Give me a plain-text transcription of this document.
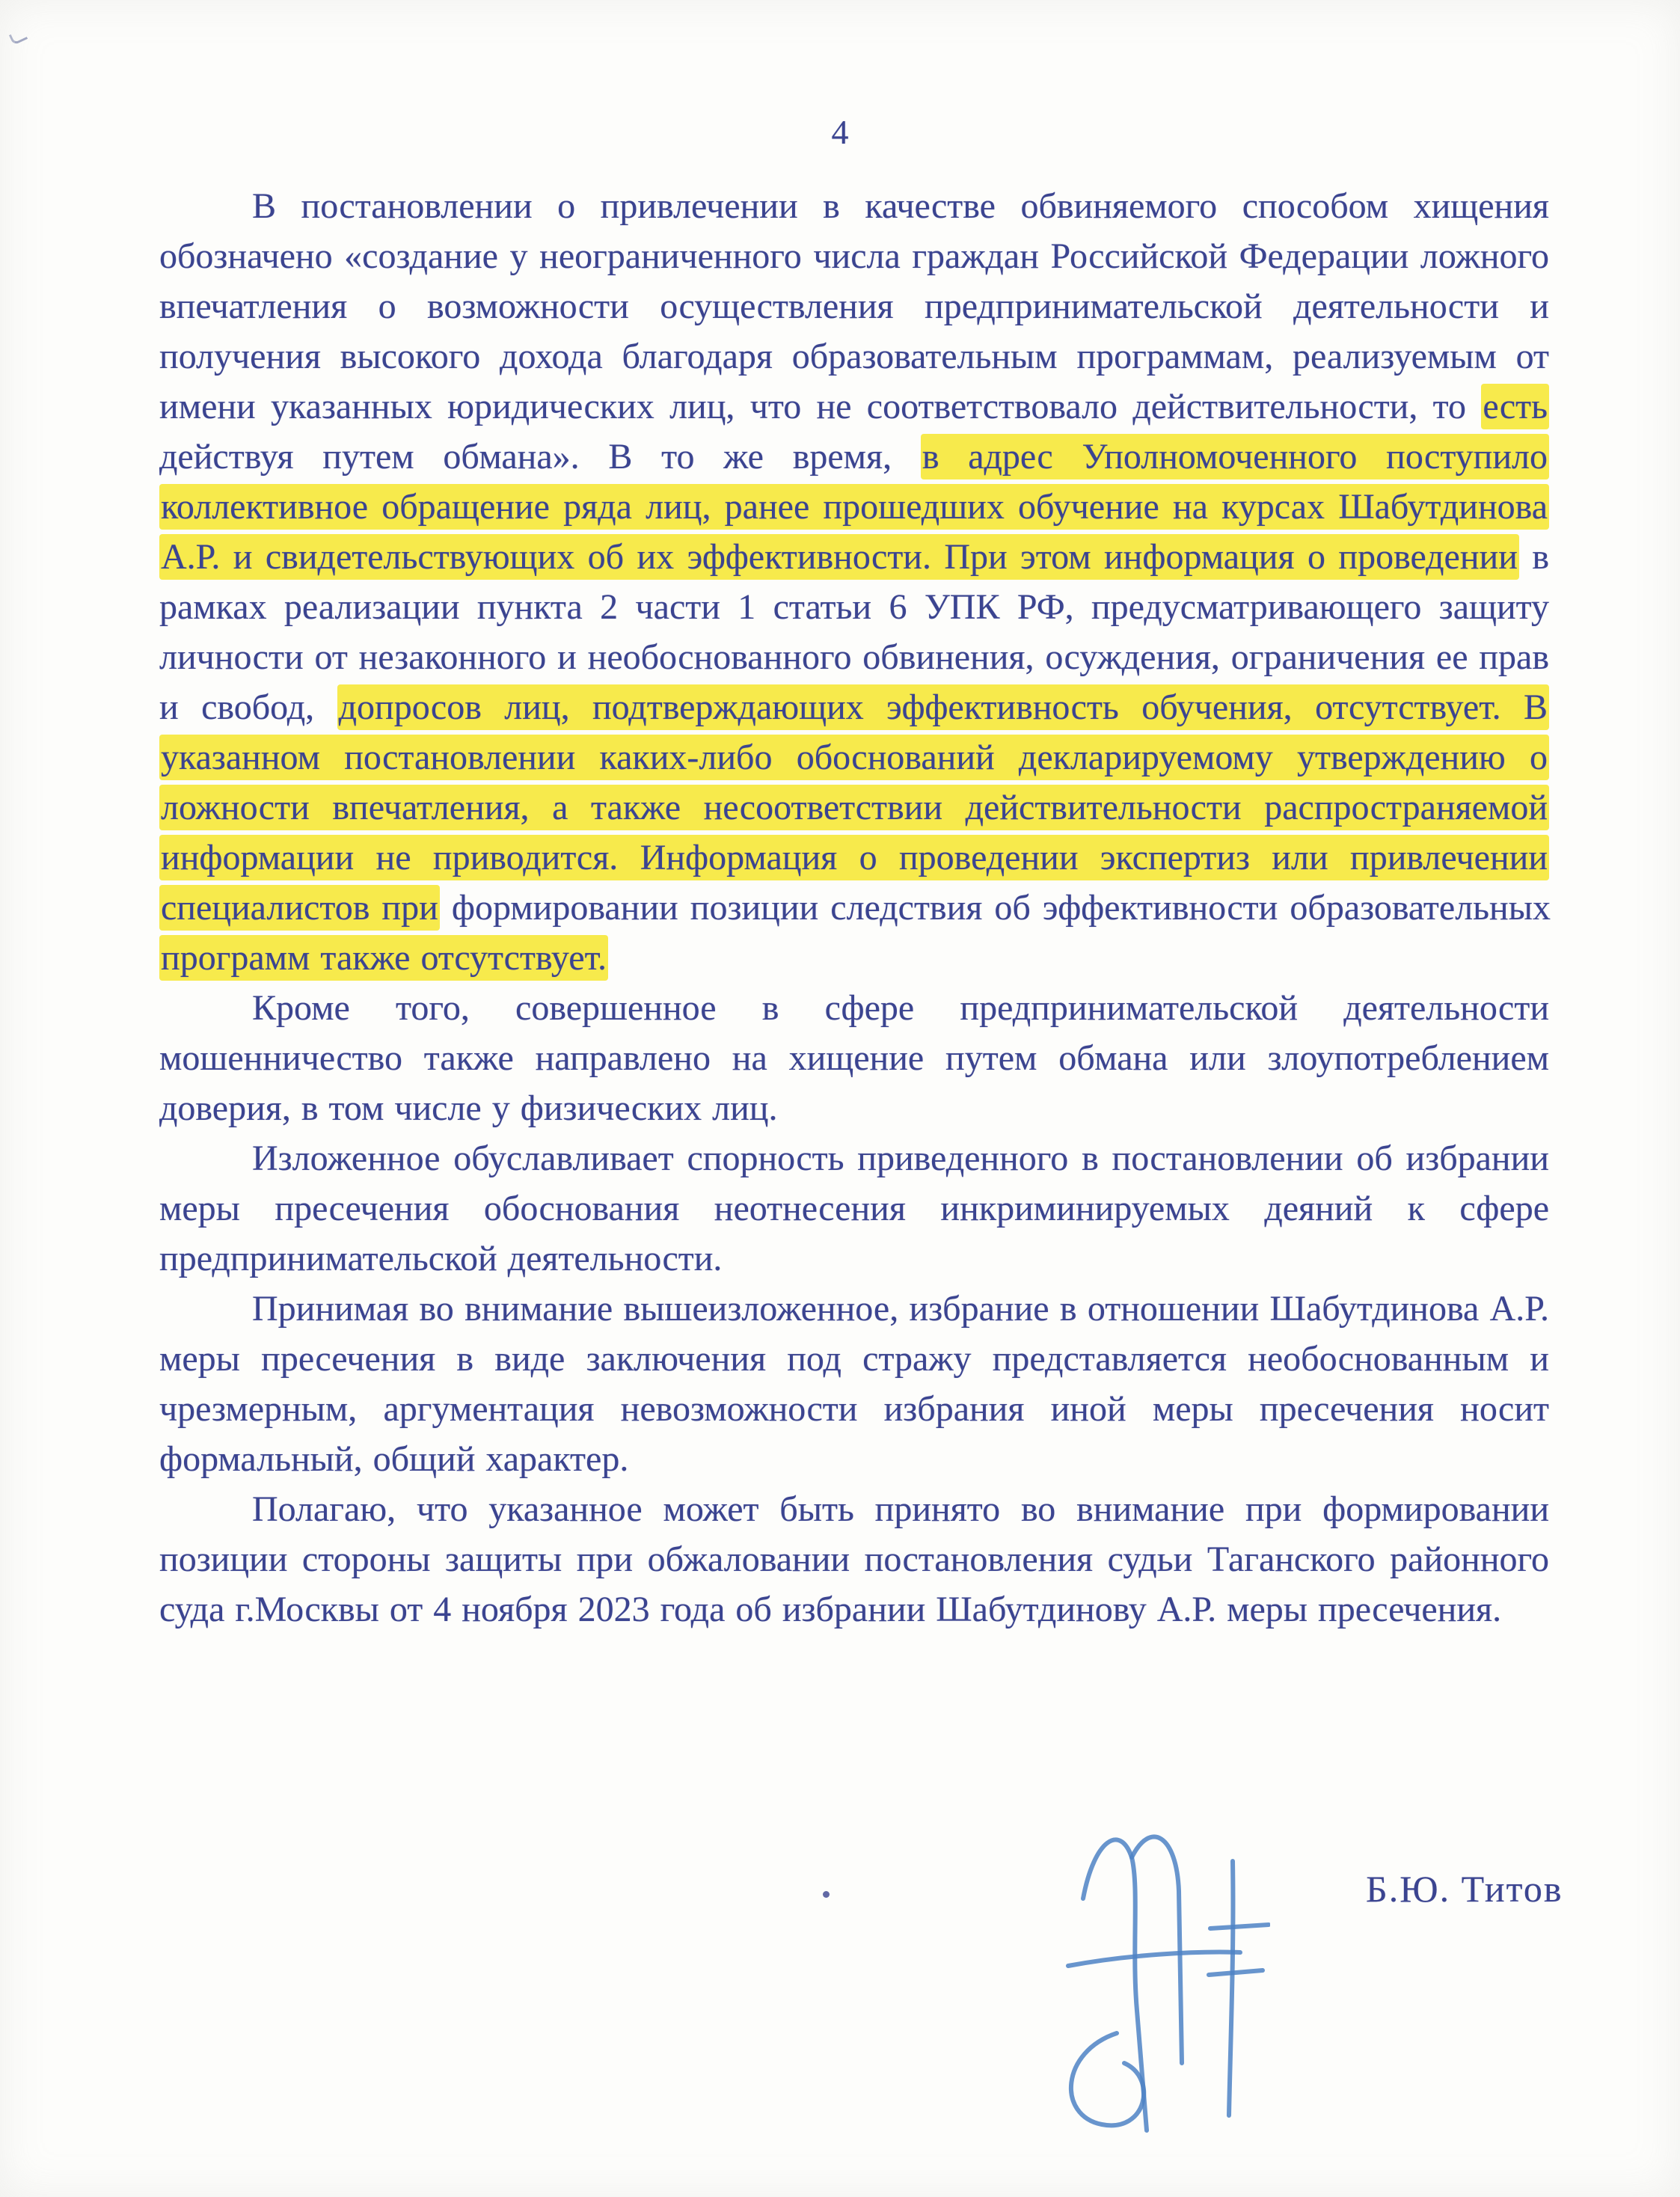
4

В постановлении о привлечении в качестве обвиняемого способом хищения обозначено «создание у неограниченного числа граждан Российской Федерации ложного впечатления о возможности осуществления предпринимательской деятельности и получения высокого дохода благодаря образовательным программам, реализуемым от имени указанных юридических лиц, что не соответствовало действительности, то есть действуя путем обмана». В то же время, в адрес Уполномоченного поступило коллективное обращение ряда лиц, ранее прошедших обучение на курсах Шабутдинова А.Р. и свидетельствующих об их эффективности. При этом информация о проведении в рамках реализации пункта 2 части 1 статьи 6 УПК РФ, предусматривающего защиту личности от незаконного и необоснованного обвинения, осуждения, ограничения ее прав и свобод, допросов лиц, подтверждающих эффективность обучения, отсутствует. В указанном постановлении каких-либо обоснований декларируемому утверждению о ложности впечатления, а также несоответствии действительности распространяемой информации не приводится. Информация о проведении экспертиз или привлечении специалистов при формировании позиции следствия об эффективности образовательных программ также отсутствует.

Кроме того, совершенное в сфере предпринимательской деятельности мошенничество также направлено на хищение путем обмана или злоупотреблением доверия, в том числе у физических лиц.

Изложенное обуславливает спорность приведенного в постановлении об избрании меры пресечения обоснования неотнесения инкриминируемых деяний к сфере предпринимательской деятельности.

Принимая во внимание вышеизложенное, избрание в отношении Шабутдинова А.Р. меры пресечения в виде заключения под стражу представляется необоснованным и чрезмерным, аргументация невозможности избрания иной меры пресечения носит формальный, общий характер.

Полагаю, что указанное может быть принято во внимание при формировании позиции стороны защиты при обжаловании постановления судьи Таганского районного суда г.Москвы от 4 ноября 2023 года об избрании Шабутдинову А.Р. меры пресечения.

Б.Ю. Титов
